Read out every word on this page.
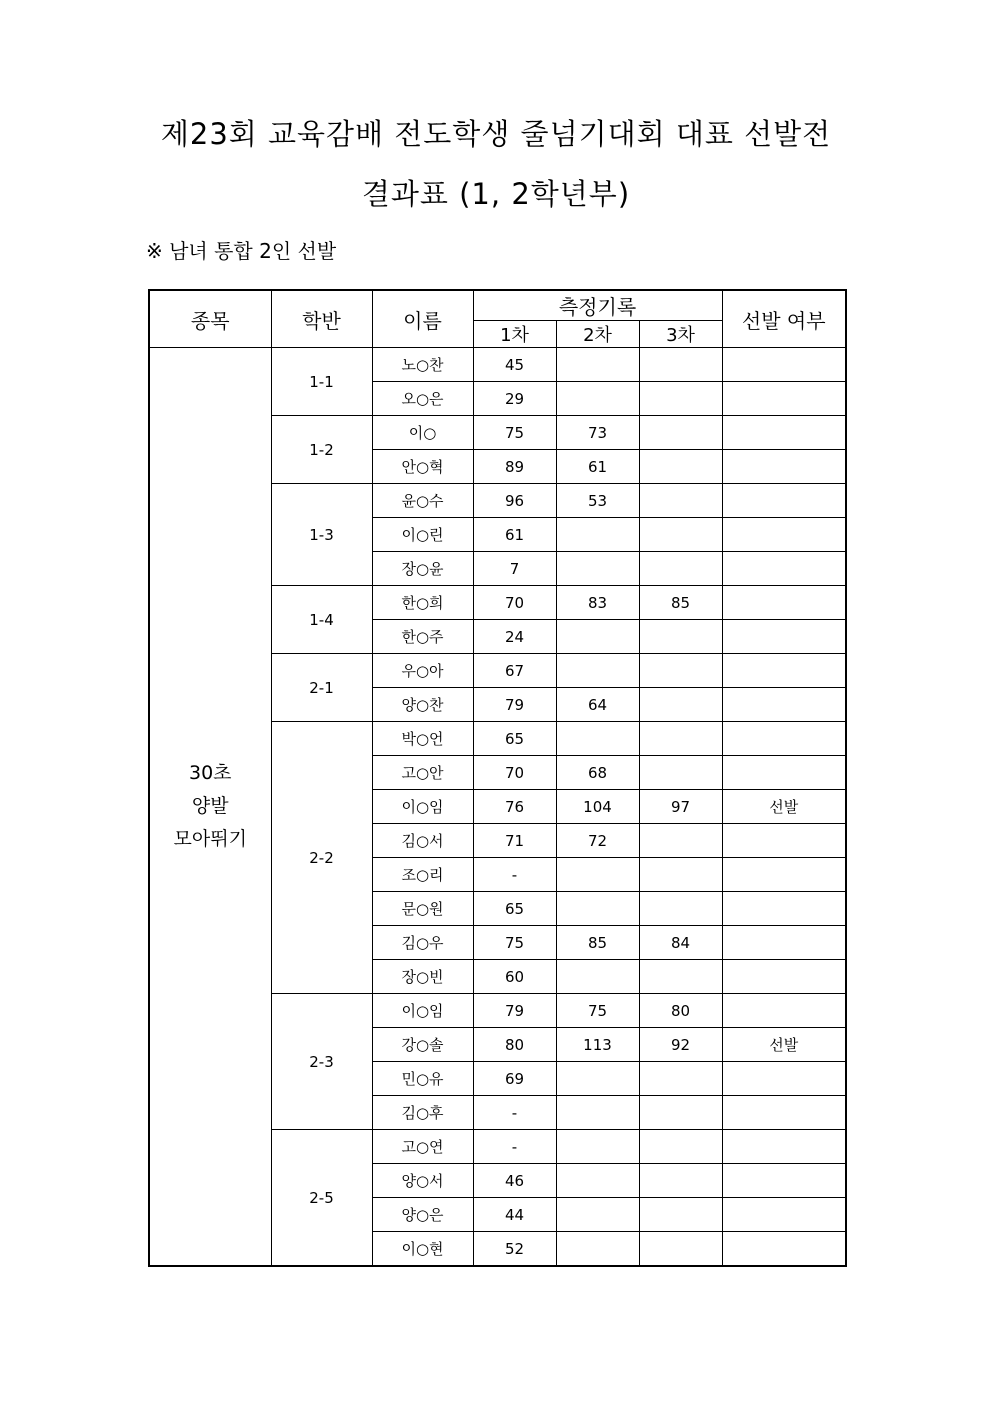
제23회 교육감배 전도학생 줄넘기대회 대표 선발전
결과표 (1, 2학년부)
※ 남녀 통합 2인 선발
종목	학반	이름	측정기록			선발 여부
			1차	2차	3차	

30초
양발
모아뛰기	1-1	노○찬	45			
		오○은	29			
	1-2	이○	75	73		
		안○혁	89	61		
	1-3	윤○수	96	53		
		이○린	61			
		장○윤	7			
	1-4	한○희	70	83	85	
		한○주	24			
	2-1	우○아	67			
		양○찬	79	64		
	2-2	박○언	65			
		고○안	70	68		
		이○임	76	104	97	선발
		김○서	71	72		
		조○리	-			
		문○원	65			
		김○우	75	85	84	
		장○빈	60			
	2-3	이○임	79	75	80	
		강○솔	80	113	92	선발
		민○유	69			
		김○후	-			
	2-5	고○연	-			
		양○서	46			
		양○은	44			
		이○현	52			
